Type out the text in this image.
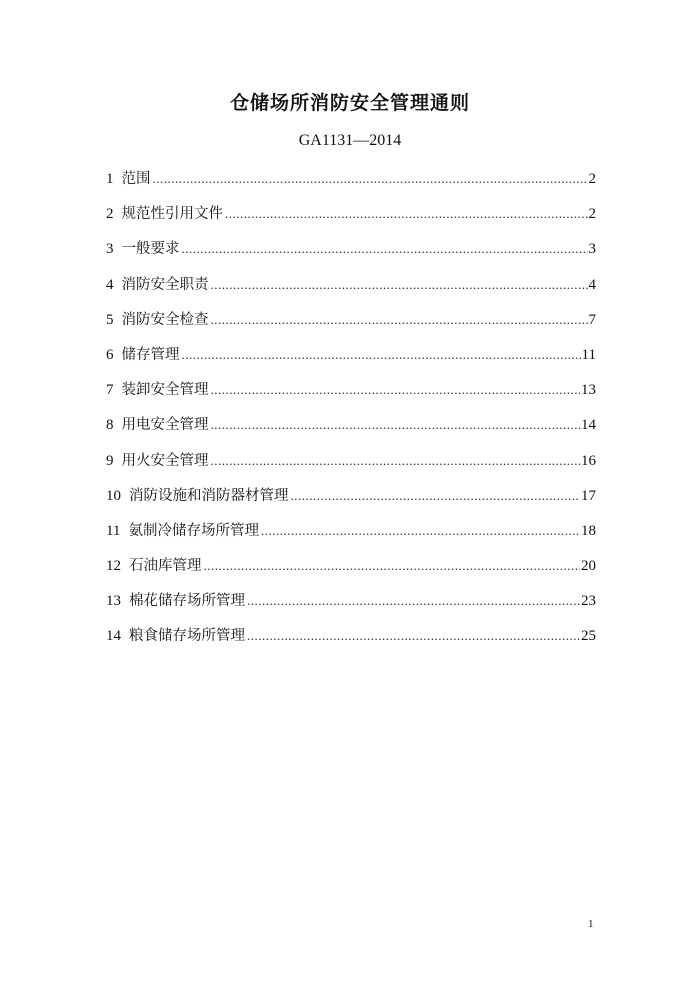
仓储场所消防安全管理通则
GA1131—2014
1 范围 .....	2
2 规范性引用文件 .....	2
3 一般要求 .....	3
4 消防安全职责 .....	4
5 消防安全检查 .....	7
6 储存管理 .....	11
7 装卸安全管理 .....	13
8 用电安全管理 .....	14
9 用火安全管理 .....	16
10 消防设施和消防器材管理 .....	17
11 氨制冷储存场所管理 .....	18
12 石油库管理 .....	20
13 棉花储存场所管理 .....	23
14 粮食储存场所管理 .....	25
1
